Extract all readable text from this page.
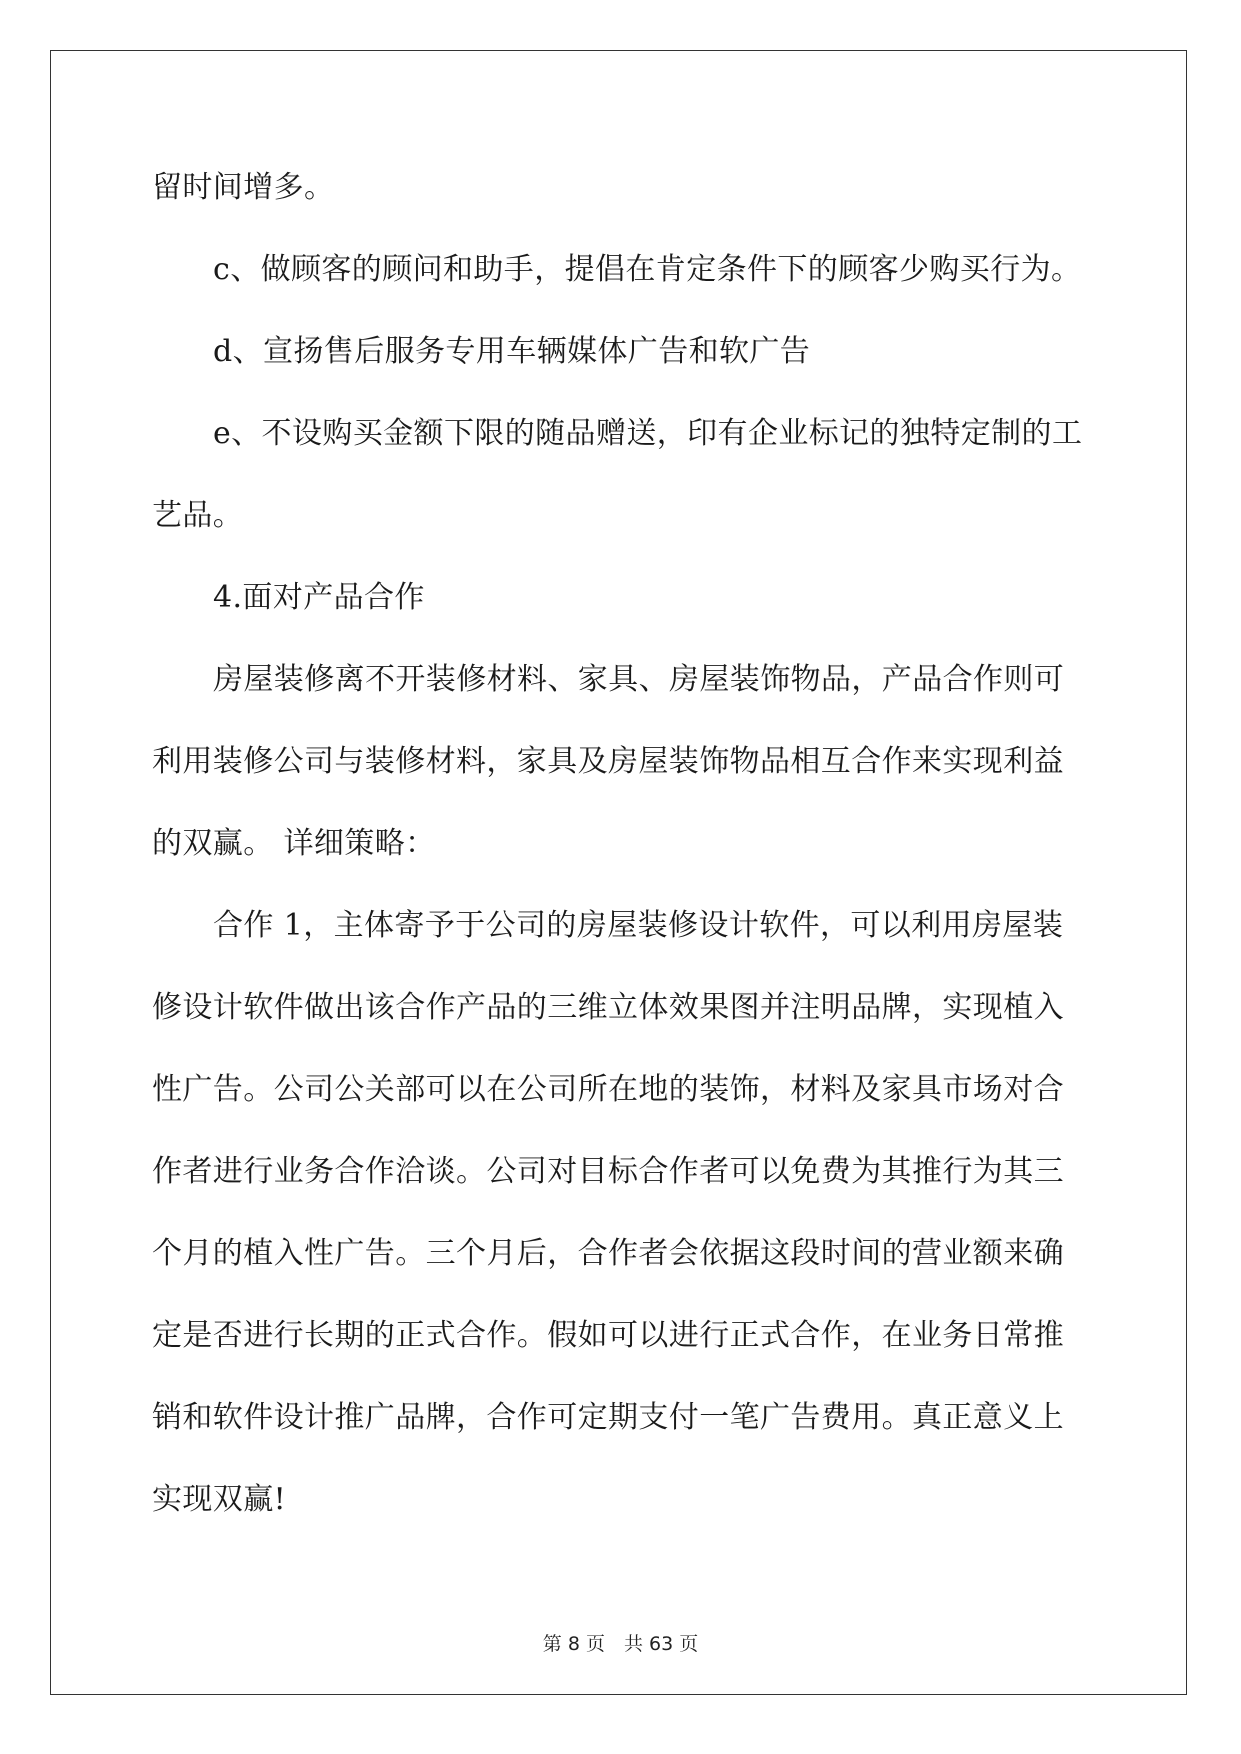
留时间增多。
c、做顾客的顾问和助手，提倡在肯定条件下的顾客少购买行为。
d、宣扬售后服务专用车辆媒体广告和软广告
e、不设购买金额下限的随品赠送，印有企业标记的独特定制的工
艺品。
4.面对产品合作
房屋装修离不开装修材料、家具、房屋装饰物品，产品合作则可
利用装修公司与装修材料，家具及房屋装饰物品相互合作来实现利益
的双赢。 详细策略：
合作 1，主体寄予于公司的房屋装修设计软件，可以利用房屋装
修设计软件做出该合作产品的三维立体效果图并注明品牌，实现植入
性广告。公司公关部可以在公司所在地的装饰，材料及家具市场对合
作者进行业务合作洽谈。公司对目标合作者可以免费为其推行为其三
个月的植入性广告。三个月后，合作者会依据这段时间的营业额来确
定是否进行长期的正式合作。假如可以进行正式合作，在业务日常推
销和软件设计推广品牌，合作可定期支付一笔广告费用。真正意义上
实现双赢!
第 8 页　共 63 页
